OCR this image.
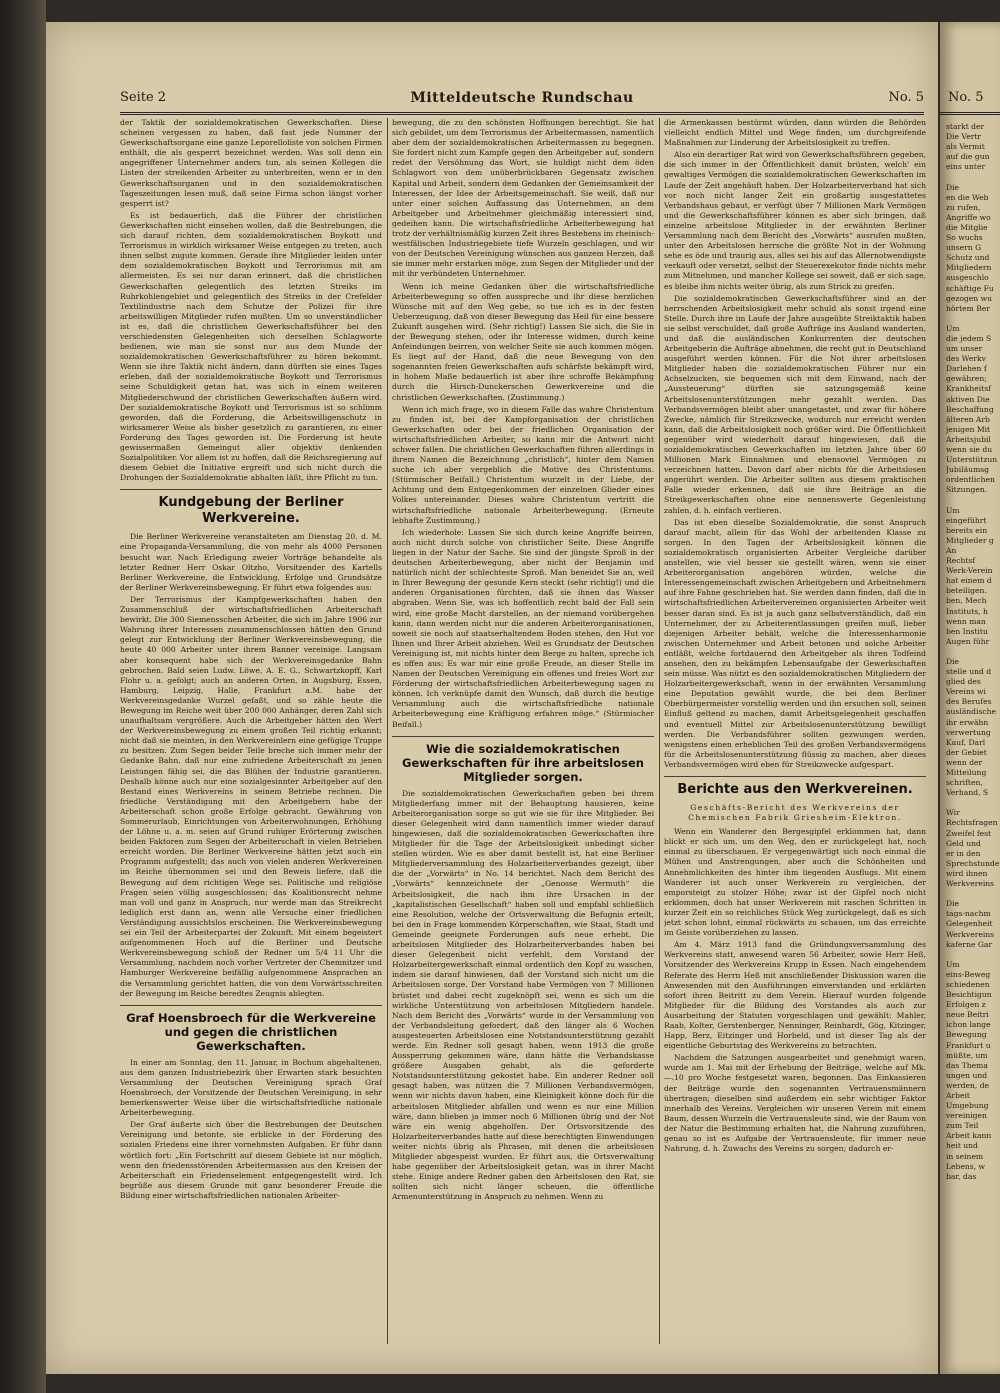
Seite 2	Mitteldeutsche Rundschau	No. 5

der Taktik der sozialdemokratischen Gewerkschaften. Diese scheinen vergessen zu haben, daß fast jede Nummer der Gewerkschaftsorgane eine ganze Leporelloliste von solchen Firmen enthält, die als gesperrt bezeichnet werden. Was soll denn ein angegriffener Unternehmer anders tun, als seinen Kollegen die Listen der streikenden Arbeiter zu unterbreiten, wenn er in den Gewerkschaftsorganen und in den sozialdemokratischen Tageszeitungen lesen muß, daß seine Firma schon längst vorher gesperrt ist?

Es ist bedauerlich, daß die Führer der christlichen Gewerkschaften nicht einsehen wollen, daß die Bestrebungen, die sich darauf richten, dem sozialdemokratischen Boykott und Terrorismus in wirklich wirksamer Weise entgegen zu treten, auch ihnen selbst zugute kommen. Gerade ihre Mitglieder leiden unter dem sozialdemokratischen Boykott und Terrorismus mit am allermeisten. Es sei nur daran erinnert, daß die christlichen Gewerkschaften gelegentlich des letzten Streiks im Ruhrkohlengebiet und gelegentlich des Streiks in der Crefelder Textilindustrie nach dem Schutze der Polizei für ihre arbeitswilligen Mitglieder rufen mußten. Um so unverständlicher ist es, daß die christlichen Gewerkschaftsführer bei den verschiedensten Gelegenheiten sich derselben Schlagworte bedienen, wie man sie sonst nur aus dem Munde der sozialdemokratischen Gewerkschaftsführer zu hören bekommt. Wenn sie ihre Taktik nicht ändern, dann dürften sie eines Tages erleben, daß der sozialdemokratische Boykott und Terrorismus seine Schuldigkeit getan hat, was sich in einem weiteren Mitgliederschwund der christlichen Gewerkschaften äußern wird. Der sozialdemokratische Boykott und Terrorismus ist so schlimm geworden, daß die Forderung, die Arbeitswilligenschutz in wirksamerer Weise als bisher gesetzlich zu garantieren, zu einer Forderung des Tages geworden ist. Die Forderung ist heute gewissermaßen Gemeingut aller objektiv denkenden Sozialpolitiker. Vor allem ist zu hoffen, daß die Reichsregierung auf diesem Gebiet die Initiative ergreift und sich nicht durch die Drohungen der Sozialdemokratie abhalten läßt, ihre Pflicht zu tun.

Kundgebung der Berliner Werkvereine.

Die Berliner Werkvereine veranstalteten am Dienstag 20. d. M. eine Propaganda-Versammlung, die von mehr als 4000 Personen besucht war. Nach Erledigung zweier Vorträge behandelte als letzter Redner Herr Oskar Oltzho, Vorsitzender des Kartells Berliner Werkvereine, die Entwicklung, Erfolge und Grundsätze der Berliner Werkvereinsbewegung. Er führt etwa folgendes aus:

Der Terrorismus der Kampfgewerkschaften haben den Zusammenschluß der wirtschaftsfriedlichen Arbeiterschaft bewirkt. Die 300 Siemensschen Arbeiter, die sich im Jahre 1906 zur Wahrung ihrer Interessen zusammenschlossen hätten den Grund gelegt zur Entwicklung der Berliner Werkvereinsbewegung, die heute 40 000 Arbeiter unter ihrem Banner vereinige. Langsam aber konsequent habe sich der Werkvereinsgedanke Bahn gebrochen. Bald seien Ludw. Löwe, A. E. G., Schwartzkopff, Karl Flohr u. a. gefolgt; auch an anderen Orten, in Augsburg, Essen, Hamburg, Leipzig, Halle, Frankfurt a.M. habe der Werkvereinsgedanke Wurzel gefaßt, und so zähle heute die Bewegung im Reiche weit über 200 000 Anhänger, deren Zahl sich unaufhaltsam vergrößere. Auch die Arbeitgeber hätten den Wert der Werkvereinsbewegung zu einem großen Teil richtig erkannt; nicht daß sie meinten, in den Werkvereinlern eine gefügige Truppe zu besitzen. Zum Segen beider Teile breche sich immer mehr der Gedanke Bahn, daß nur eine zufriedene Arbeiterschaft zu jenen Leistungen fähig sei, die das Blühen der Industrie garantieren. Deshalb könne auch nur eine sozialgesinnter Arbeitgeber auf den Bestand eines Werkvereins in seinem Betriebe rechnen. Die friedliche Verständigung mit den Arbeitgebern habe der Arbeiterschaft schon große Erfolge gebracht. Gewährung von Sommerurlaub, Einrichtungen von Arbeiterwohnungen, Erhöhung der Löhne u. a. m. seien auf Grund ruhiger Erörterung zwischen beiden Faktoren zum Segen der Arbeiterschaft in vielen Betrieben erreicht worden. Die Berliner Werkvereine hätten jetzt auch ein Programm aufgestellt; das auch von vielen anderen Werkvereinen im Reiche übernommen sei und den Beweis liefere, daß die Bewegung auf dem richtigen Wege sei. Politische und religiöse Fragen seien völlig ausgeschlossen; das Koalitionsrecht nehme man voll und ganz in Anspruch, nur werde man das Streikrecht lediglich erst dann an, wenn alle Versuche einer friedlichen Verständigung aussichtslos erscheinen. Die Werkvereinsbewegung sei ein Teil der Arbeiterpartei der Zukunft. Mit einem begeistert aufgenommenen Hoch auf die Berliner und Deutsche Werkvereinsbewegung schloß der Redner um 5/4 11 Uhr die Versammlung, nachdem noch vorher Vertreter der Chemnitzer und Hamburger Werkvereine beifällig aufgenommene Ansprachen an die Versammlung gerichtet hatten, die von dem Vorwärtsschreiten der Bewegung im Reiche beredtes Zeugnis ablegten.

Graf Hoensbroech für die Werkvereine und gegen die christlichen Gewerkschaften.

In einer am Sonntag, den 11. Januar, in Bochum abgehaltenen, aus dem ganzen Industriebezirk über Erwarten stark besuchten Versammlung der Deutschen Vereinigung sprach Graf Hoensbroech, der Vorsitzende der Deutschen Vereinigung, in sehr bemerkenswerter Weise über die wirtschaftsfriedliche nationale Arbeiterbewegung.

Der Graf äußerte sich über die Bestrebungen der Deutschen Vereinigung und betonte, sie erblicke in der Förderung des sozialen Friedens eine ihrer vornehmsten Aufgaben. Er führ dann wörtlich fort: „Ein Fortschritt auf diesem Gebiete ist nur möglich, wenn den friedensstörenden Arbeitermassen aus den Kreisen der Arbeiterschaft ein Friedenselement entgegengestellt wird. Ich begrüße aus diesem Grunde mit ganz besonderer Freude die Bildung einer wirtschaftsfriedlichen nationalen Arbeiter-

bewegung, die zu den schönsten Hoffnungen berechtigt. Sie hat sich gebildet, um dem Terrorismus der Arbeitermassen, namentlich aber dem der sozialdemokratischen Arbeitermassen zu begegnen. Sie fordert nicht zum Kampfe gegen den Arbeitgeber auf, sondern redet der Versöhnung das Wort, sie huldigt nicht dem öden Schlagwort von dem unüberbrückbaren Gegensatz zwischen Kapital und Arbeit, sondern dem Gedanken der Gemeinsamkeit der Interessen, der Idee der Arbeitsgemeinschaft. Sie weiß, daß nur unter einer solchen Auffassung das Unternehmen, an dem Arbeitgeber und Arbeitnehmer gleichmäßig interessiert sind, gedeihen kann. Die wirtschaftsfriedliche Arbeiterbewegung hat trotz der verhältnismäßig kurzen Zeit ihres Bestehens im rheinisch-westfälischen Industriegebiete tiefe Wurzeln geschlagen, und wir von der Deutschen Vereinigung wünschen aus ganzem Herzen, daß sie immer mehr erstarken möge, zum Segen der Mitglieder und der mit ihr verbündeten Unternehmer.

Wenn ich meine Gedanken über die wirtschaftsfriedliche Arbeiterbewegung so offen ausspreche und ihr diese herzlichen Wünsche mit auf den Weg gebe, so tue ich es in der festen Ueberzeugung, daß von dieser Bewegung das Heil für eine bessere Zukunft ausgehen wird. (Sehr richtig!) Lassen Sie sich, die Sie in der Bewegung stehen, oder ihr Interesse widmen, durch keine Anfeindungen beirren, von welcher Seite sie auch kommen mögen. Es liegt auf der Hand, daß die neue Bewegung von den sogenannten freien Gewerkschaften aufs schärfste bekämpft wird, in hohem Maße bedauerlich ist aber ihre schroffe Bekämpfung durch die Hirsch-Dunckerschen Gewerkvereine und die christlichen Gewerkschaften. (Zustimmung.)

Wenn ich mich frage, wo in diesem Falle das wahre Christentum zu finden ist, bei der Kampforganisation der christlichen Gewerkschaften oder bei der friedlichen Organisation der wirtschaftsfriedlichen Arbeiter, so kann mir die Antwort nicht schwer fallen. Die christlichen Gewerkschaften führen allerdings in ihrem Namen die Bezeichnung „christlich“, hinter dem Namen suche ich aber vergeblich die Motive des Christentums. (Stürmischer Beifall.) Christentum wurzelt in der Liebe, der Achtung und dem Entgegenkommen der einzelnen Glieder eines Volkes untereinander. Dieses wahre Christentum vertritt die wirtschaftsfriedliche nationale Arbeiterbewegung. (Erneute lebhafte Zustimmung.)

Ich wiederhole: Lassen Sie sich durch keine Angriffe beirren, auch nicht durch solche von christlicher Seite. Diese Angriffe liegen in der Natur der Sache. Sie sind der jüngste Sproß in der deutschen Arbeiterbewegung, aber nicht der Benjamin und natürlich nicht der schlechteste Sproß. Man beneidet Sie an, weil in Ihrer Bewegung der gesunde Kern steckt (sehr richtig!) und die anderen Organisationen fürchten, daß sie ihnen das Wasser abgraben. Wenn Sie, was ich hoffentlich recht bald der Fall sein wird, eine große Macht darstellen, an der niemand vorübergehen kann, dann werden nicht nur die anderen Arbeiterorganisationen, soweit sie noch auf staatserhaltendem Boden stehen, den Hut vor Ihnen und Ihrer Arbeit abziehen. Weil es Grundsatz der Deutschen Vereinigung ist, mit nichts hinter dem Berge zu halten, spreche ich es offen aus: Es war mir eine große Freude, an dieser Stelle im Namen der Deutschen Vereinigung ein offenes und freies Wort zur Förderung der wirtschaftsfriedlichen Arbeiterbewegung sagen zu können. Ich verknüpfe damit den Wunsch, daß durch die heutige Versammlung auch die wirtschaftsfriedliche nationale Arbeiterbewegung eine Kräftigung erfahren möge.“ (Stürmischer Beifall.)

Wie die sozialdemokratischen Gewerkschaften für ihre arbeitslosen Mitglieder sorgen.

Die sozialdemokratischen Gewerkschaften geben bei ihrem Mitgliederfang immer mit der Behauptung hausieren, keine Arbeiterorganisation sorge so gut wie sie für ihre Mitglieder. Bei dieser Gelegenheit wird dann namentlich immer wieder darauf hingewiesen, daß die sozialdemokratischen Gewerkschaften ihre Mitglieder für die Tage der Arbeitslosigkeit unbedingt sicher stellen würden. Wie es aber damit bestellt ist, hat eine Berliner Mitgliederversammlung des Holzarbeiterverbandes gezeigt, über die der „Vorwärts“ in No. 14 berichtet. Nach dem Bericht des „Vorwärts“ kennzeichnete der „Genosse Wermuth“ die Arbeitslosigkeit, die nach ihm ihre Ursachen in der „kapitalistischen Gesellschaft“ haben soll und empfahl schließlich eine Resolution, welche der Ortsverwaltung die Befugnis erteilt, bei den in Frage kommenden Körperschaften, wie Staat, Stadt und Gemeinde geeignete Forderungen aufs neue erhebt. Die arbeitslosen Mitglieder des Holzarbeiterverbandes haben bei dieser Gelegenheit nicht verfehlt, dem Vorstand der Holzarbeitergewerkschaft einmal ordentlich den Kopf zu waschen, indem sie darauf hinwiesen, daß der Vorstand sich nicht um die Arbeitslosen sorge. Der Vorstand habe Vermögen von 7 Millionen brüstet und dabei recht zugeknöpft sei, wenn es sich um die wirkliche Unterstützung von arbeitslosen Mitgliedern handele. Nach dem Bericht des „Vorwärts“ wurde in der Versammlung von der Verbandsleitung gefordert, daß den länger als 6 Wochen ausgesteuerten Arbeitslosen eine Notstandsunterstützung gezahlt werde. Ein Redner soll gesagt haben, wenn 1913 die große Aussperrung gekommen wäre, dann hätte die Verbandskasse größere Ausgaben gehabt, als die geforderte Notstandsunterstützung gekostet habe. Ein anderer Redner soll gesagt haben, was nützen die 7 Millionen Verbandsvermögen, wenn wir nichts davon haben, eine Kleinigkeit könne doch für die arbeitslosen Mitglieder abfallen und wenn es nur eine Million wäre, dann blieben ja immer noch 6 Millionen übrig und der Not wäre ein wenig abgeholfen. Der Ortsvorsitzende des Holzarbeiterverbandes hatte auf diese berechtigten Einwendungen weiter nichts übrig als Phrasen, mit denen die arbeitslosen Mitglieder abgespeist wurden. Er führt aus, die Ortsverwaltung habe gegenüber der Arbeitslosigkeit getan, was in ihrer Macht stehe. Einige andere Redner gaben den Arbeitslosen den Rat, sie sollten sich nicht länger scheuen, die öffentliche Armenunterstützung in Anspruch zu nehmen. Wenn zu

die Armenkassen bestürmt würden, dann würden die Behörden vielleicht endlich Mittel und Wege finden, um durchgreifende Maßnahmen zur Linderung der Arbeitslosigkeit zu treffen.

Also ein derartiger Rat wird von Gewerkschaftsführern gegeben, die sich immer in der Öffentlichkeit damit brüsten, welch' ein gewaltiges Vermögen die sozialdemokratischen Gewerkschaften im Laufe der Zeit angehäuft haben. Der Holzarbeiterverband hat sich vor noch nicht langer Zeit ein großartig ausgestattetes Verbandshaus gebaut, er verfügt über 7 Millionen Mark Vermögen und die Gewerkschaftsführer können es aber sich bringen, daß einzelne arbeitslose Mitglieder in der erwähnten Berliner Versammlung nach dem Bericht des „Vorwärts“ ausrufen mußten, unter den Arbeitslosen herrsche die größte Not in der Wohnung sehe es öde und traurig aus, alles sei bis auf das Allernotwendigste verkauft oder versetzt, selbst der Steuerexekutor finde nichts mehr zum Mitnehmen, und mancher Kollege sei soweit, daß er sich sage, es bleibe ihm nichts weiter übrig, als zum Strick zu greifen.

Die sozialdemokratischen Gewerkschaftsführer sind an der herrschenden Arbeitslosigkeit mehr schuld als sonst irgend eine Stelle. Durch ihre im Laufe der Jahre ausgeübte Streiktaktik haben sie selbst verschuldet, daß große Aufträge ins Ausland wanderten, und daß die ausländischen Konkurrenten der deutschen Arbeitgeberin die Aufträge abnehmen, die recht gut in Deutschland ausgeführt werden können. Für die Not ihrer arbeitslosen Mitglieder haben die sozialdemokratischen Führer nur ein Achselzucken, sie bequemen sich mit dem Einwand, nach der „Aussteuerung“ dürften sie satzungsgemäß keine Arbeitslosenunterstützungen mehr gezahlt werden. Das Verbandsvermögen bleibt aber unangetastet, und zwar für höhere Zwecke, nämlich für Streikzwecke, wodurch nur erreicht werden kann, daß die Arbeitslosigkeit noch größer wird. Die Öffentlichkeit gegenüber wird wiederholt darauf hingewiesen, daß die sozialdemokratischen Gewerkschaften im letzten Jahre über 60 Millionen Mark Einnahmen und ebensoviel Vermögen zu verzeichnen hatten. Davon darf aber nichts für die Arbeitslosen angerührt werden. Die Arbeiter sollten aus diesem praktischen Falle wieder erkennen, daß sie ihre Beiträge an die Streikgewerkschaften ohne eine nennenswerte Gegenleistung zahlen, d. h. einfach verlieren.

Das ist eben dieselbe Sozialdemokratie, die sonst Anspruch darauf macht, allein für das Wohl der arbeitenden Klasse zu sorgen. In den Tagen der Arbeitslosigkeit können die sozialdemokratisch organisierten Arbeiter Vergleiche darüber anstellen, wie viel besser sie gestellt wären, wenn sie einer Arbeiterorganisation angehören würden, welche die Interessengemeinschaft zwischen Arbeitgebern und Arbeitnehmern auf ihre Fahne geschrieben hat. Sie werden dann finden, daß die in wirtschaftsfriedlichen Arbeitervereinen organisierten Arbeiter weit besser daran sind. Es ist ja auch ganz selbstverständlich, daß ein Unternehmer, der zu Arbeiterentlassungen greifen muß, lieber diejenigen Arbeiter behält, welche die Interessenharmonie zwischen Unternehmer und Arbeit betonen und solche Arbeiter entläßt, welche fortdauernd den Arbeitgeber als ihren Todfeind ansehen, den zu bekämpfen Lebensaufgabe der Gewerkschaften sein müsse. Was nützt es den sozialdemokratischen Mitgliedern der Holzarbeitergewerkschaft, wenn in der erwähnten Versammlung eine Deputation gewählt wurde, die bei dem Berliner Oberbürgermeister vorstellig werden und ihn ersuchen soll, seinen Einfluß geltend zu machen, damit Arbeitsgelegenheit geschaffen und eventuell Mittel zur Arbeitslosenunterstützung bewilligt werden. Die Verbandsführer sollten gezwungen werden, wenigstens einen erheblichen Teil des großen Verbandsvermögens für die Arbeitslosenunterstützung flüssig zu machen, aber dieses Verbandsvermögen wird eben für Streikzwecke aufgespart.

Berichte aus den Werkvereinen.

Geschäfts-Bericht des Werkvereins der Chemischen Fabrik Griesheim-Elektron.

Wenn ein Wanderer den Bergesgipfel erklommen hat, dann blickt er sich um, um den Weg, den er zurückgelegt hat, noch einmal zu überschauen. Er vergegenwärtigt sich noch einmal die Mühen und Anstrengungen, aber auch die Schönheiten und Annehmlichkeiten des hinter ihm liegenden Ausflugs. Mit einem Wanderer ist auch unser Werkverein zu vergleichen, der emporsteigt zu stolzer Höhe; zwar ist der Gipfel noch nicht erklommen, doch hat unser Werkverein mit raschen Schritten in kurzer Zeit ein so reichliches Stück Weg zurückgelegt, daß es sich jetzt schon lohnt, einmal rückwärts zu schauen, um das erreichte im Geiste vorüberziehen zu lassen.

Am 4. März 1913 fand die Gründungsversammlung des Werkvereins statt, anwesend waren 56 Arbeiter, sowie Herr Heß, Vorsitzender des Werkvereins Krupp in Essen. Nach eingehendem Referate des Herrn Heß mit anschließender Diskussion waren die Anwesenden mit den Ausführungen einverstanden und erklärten sofort ihren Beitritt zu dem Verein. Hierauf wurden folgende Mitglieder für die Bildung des Vorstandes als auch zur Ausarbeitung der Statuten vorgeschlagen und gewählt: Mahler, Raab, Kolter, Gerstenberger, Nenninger, Reinhardt, Gög, Kitzinger, Happ, Berz, Eitzinger und Horbeld, und ist dieser Tag als der eigentliche Geburtstag des Werkvereins zu betrachten.

Nachdem die Satzungen ausgearbeitet und genehmigt waren, wurde am 1. Mai mit der Erhebung der Beiträge, welche auf Mk. —.10 pro Woche festgesetzt waren, begonnen. Das Einkassieren der Beiträge wurde den sogenannten Vertrauensmännern übertragen; dieselben sind außerdem ein sehr wichtiger Faktor innerhalb des Vereins. Vergleichen wir unseren Verein mit einem Baum, dessen Wurzeln die Vertrauensleute sind, wie der Baum von der Natur die Bestimmung erhalten hat, die Nahrung zuzuführen, genau so ist es Aufgabe der Vertrauensleute, für immer neue Nahrung, d. h. Zuwachs des Vereins zu sorgen; dadurch er-

No. 5
starkt der
Die Vertr
als Vermit
auf die gun
eins unter

Die
en die Web
zu rufen,
Angriffe wo
die Mitglie
So wuchs
unsern G
Schutz und
Mitgliedern
ausgeschlo
schäftige Fu
gezogen wu
hörtem Ber

Um
die jedem S
um unser
des Werkv
Darlehen f
gewähren;
Krankheitsf
aktiven Die
Beschaffung
älteren Arb
jenigen Mit
Arbeitsjubil
wenn sie du
Unterstützun
Jubiläumsg
ordentlichen
Sitzungen.

Um
eingeführt
bereits ein
Mitglieder g
An
Rechtsf
Werk-Verein
hat einem d
beteiligen.
ben, Mech
Instituts, h
wenn man
ben Institu
Augen führ

Die
stelle und d
glied des
Vereins wi
des Berufes
ausländische
ihr erwähn
verwertung
Kauf, Darl
der Gebiet
wenn der
Mitteilung
schriften,
Verhand, S

Wir
Rechtsfragen
Zweifel fest
Geld und
er in den
Sprechstunde
wird ihnen
Werkvereins

Die
tags-nachm
Gelegenheit
Werkvereins
kaferne Gar

Um
eins-Beweg
schiedenen
Besichtigun
Erfolgen z
neue Beitri
ichon lange
Bewegung
Frankfurt u
müßte, um
das Thema
ungen und
werden, de
Arbeit
Umgebung
vereinigen
zum Teil
Arbeit kann
heit und
in seinem
Lebens, w
bar, das
